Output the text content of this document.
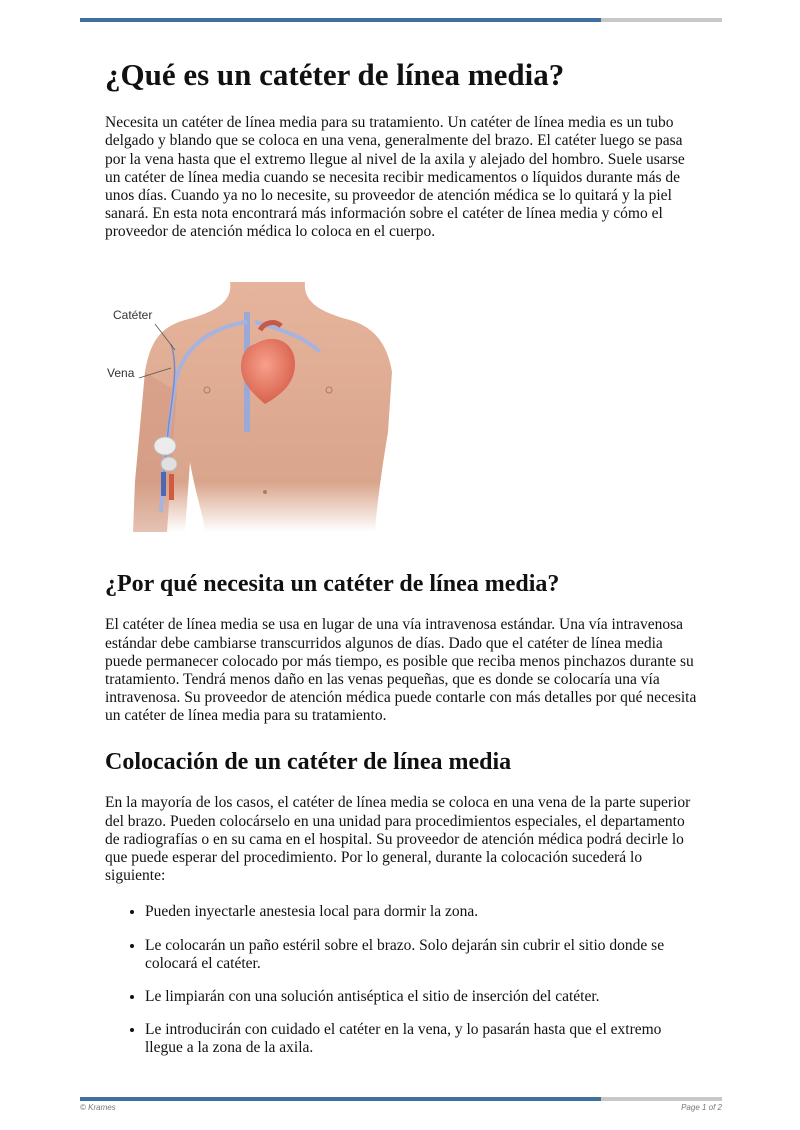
¿Qué es un catéter de línea media?

Necesita un catéter de línea media para su tratamiento. Un catéter de línea media es un tubo delgado y blando que se coloca en una vena, generalmente del brazo. El catéter luego se pasa por la vena hasta que el extremo llegue al nivel de la axila y alejado del hombro. Suele usarse un catéter de línea media cuando se necesita recibir medicamentos o líquidos durante más de unos días. Cuando ya no lo necesite, su proveedor de atención médica se lo quitará y la piel sanará. En esta nota encontrará más información sobre el catéter de línea media y cómo el proveedor de atención médica lo coloca en el cuerpo.

Catéter
Vena
¿Por qué necesita un catéter de línea media?

El catéter de línea media se usa en lugar de una vía intravenosa estándar. Una vía intravenosa estándar debe cambiarse transcurridos algunos de días. Dado que el catéter de línea media puede permanecer colocado por más tiempo, es posible que reciba menos pinchazos durante su tratamiento. Tendrá menos daño en las venas pequeñas, que es donde se colocaría una vía intravenosa. Su proveedor de atención médica puede contarle con más detalles por qué necesita un catéter de línea media para su tratamiento.

Colocación de un catéter de línea media

En la mayoría de los casos, el catéter de línea media se coloca en una vena de la parte superior del brazo. Pueden colocárselo en una unidad para procedimientos especiales, el departamento de radiografías o en su cama en el hospital. Su proveedor de atención médica podrá decirle lo que puede esperar del procedimiento. Por lo general, durante la colocación sucederá lo siguiente:

• Pueden inyectarle anestesia local para dormir la zona.
• Le colocarán un paño estéril sobre el brazo. Solo dejarán sin cubrir el sitio donde se colocará el catéter.
• Le limpiarán con una solución antiséptica el sitio de inserción del catéter.
• Le introducirán con cuidado el catéter en la vena, y lo pasarán hasta que el extremo llegue a la zona de la axila.
© Krames	Page 1 of 2
